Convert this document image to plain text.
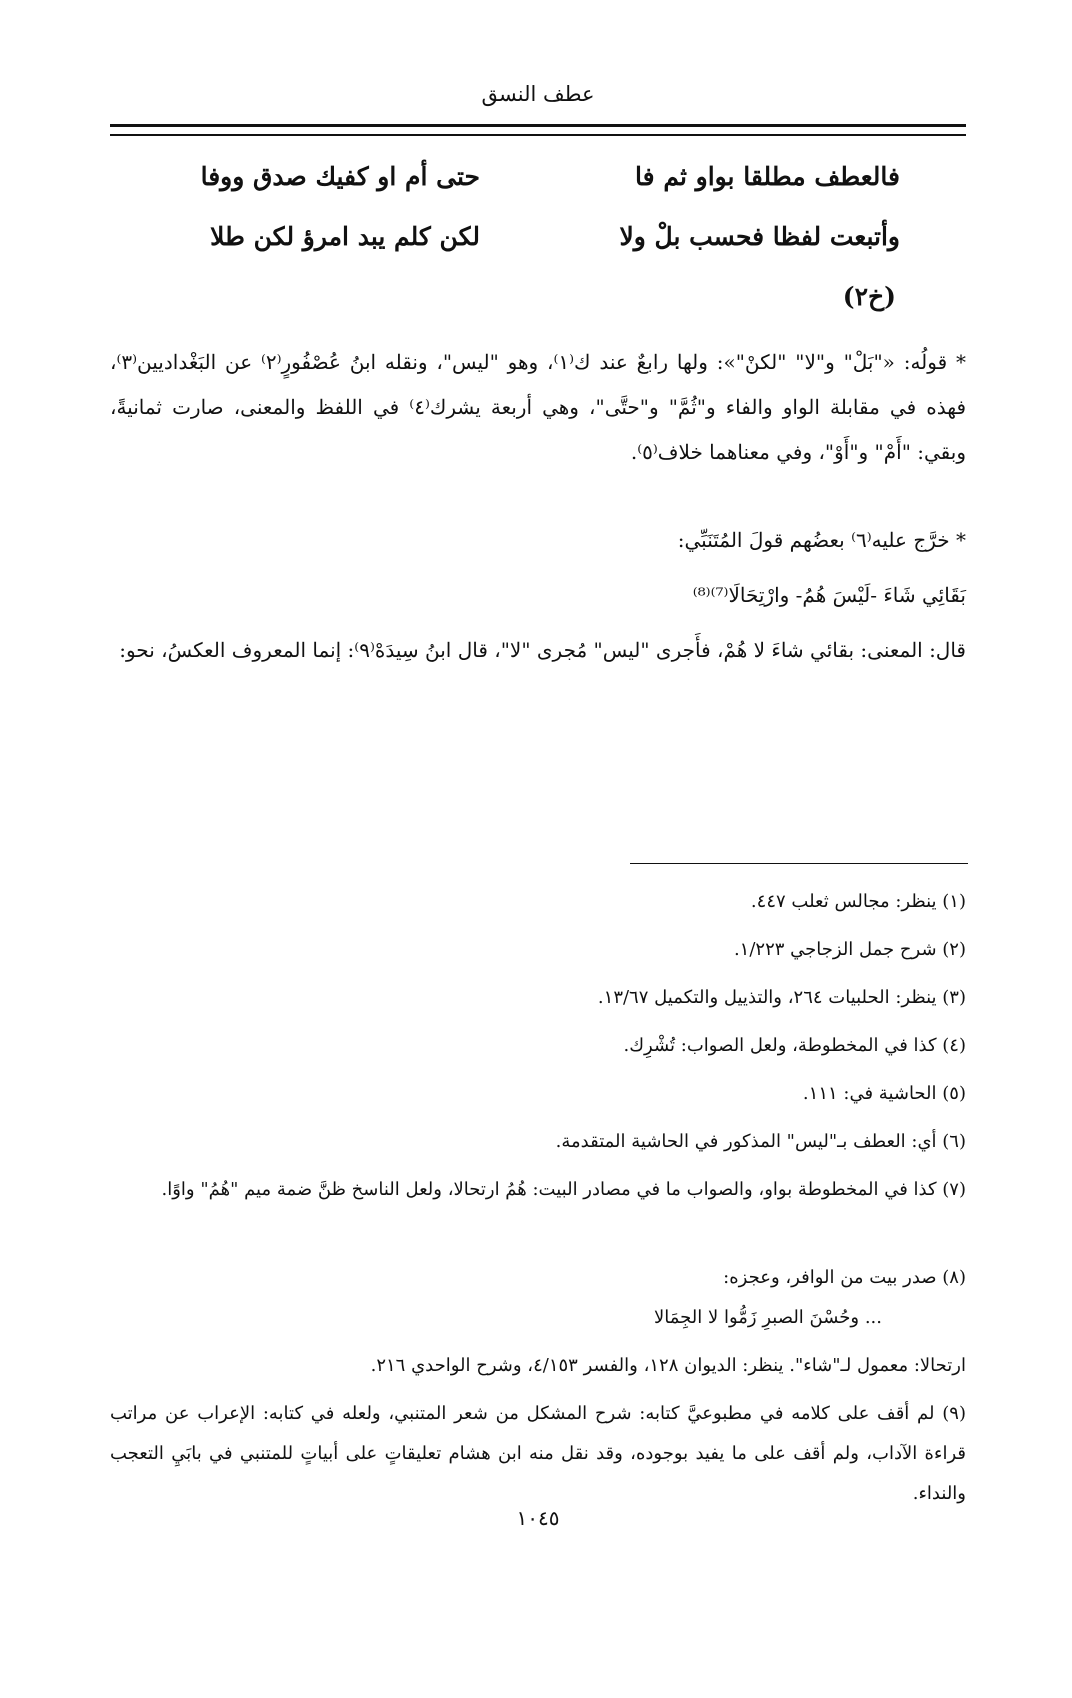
عطف النسق
فالعطف مطلقا بواو ثم فا
حتى أم او كفيك صدق ووفا
وأتبعت لفظا فحسب بلْ ولا
لكن كلم يبد امرؤ لكن طلا
(خ٢)
* قولُه: «"بَلْ" و"لا" "لكنْ"»: ولها رابعٌ عند ك⁽١⁾، وهو "ليس"، ونقله ابنُ عُصْفُورٍ⁽٢⁾ عن البَغْداديين⁽٣⁾، فهذه في مقابلة الواو والفاء و"ثُمَّ" و"حتَّى"، وهي أربعة يشرك⁽٤⁾ في اللفظ والمعنى، صارت ثمانيةً، وبقي: "أَمْ" و"أَوْ"، وفي معناهما خلاف⁽٥⁾.
* خرَّج عليه⁽٦⁾ بعضُهم قولَ المُتَنَبِّي:
بَقَائِي شَاءَ -لَيْسَ هُمُ- وارْتِحَالَا⁽⁷⁾⁽⁸⁾
قال: المعنى: بقائي شاءَ لا هُمْ، فأَجرى "ليس" مُجرى "لا"، قال ابنُ سِيدَهْ⁽٩⁾: إنما المعروف العكسُ، نحو:
(١) ينظر: مجالس ثعلب ٤٤٧.
(٢) شرح جمل الزجاجي ١/٢٢٣.
(٣) ينظر: الحلبيات ٢٦٤، والتذييل والتكميل ١٣/٦٧.
(٤) كذا في المخطوطة، ولعل الصواب: تُشْرِك.
(٥) الحاشية في: ١١١.
(٦) أي: العطف بـ"ليس" المذكور في الحاشية المتقدمة.
(٧) كذا في المخطوطة بواو، والصواب ما في مصادر البيت: هُمُ ارتحالا، ولعل الناسخ ظنَّ ضمة ميم "هُمُ" واوًا.
(٨) صدر بيت من الوافر، وعجزه:
... وحُسْنَ الصبرِ زَمُّوا لا الجِمَالا
ارتحالا: معمول لـ"شاء". ينظر: الديوان ١٢٨، والفسر ٤/١٥٣، وشرح الواحدي ٢١٦.
(٩) لم أقف على كلامه في مطبوعيَّ كتابه: شرح المشكل من شعر المتنبي، ولعله في كتابه: الإعراب عن مراتب قراءة الآداب، ولم أقف على ما يفيد بوجوده، وقد نقل منه ابن هشام تعليقاتٍ على أبياتٍ للمتنبي في بابَيِ التعجب والنداء.
١٠٤٥
